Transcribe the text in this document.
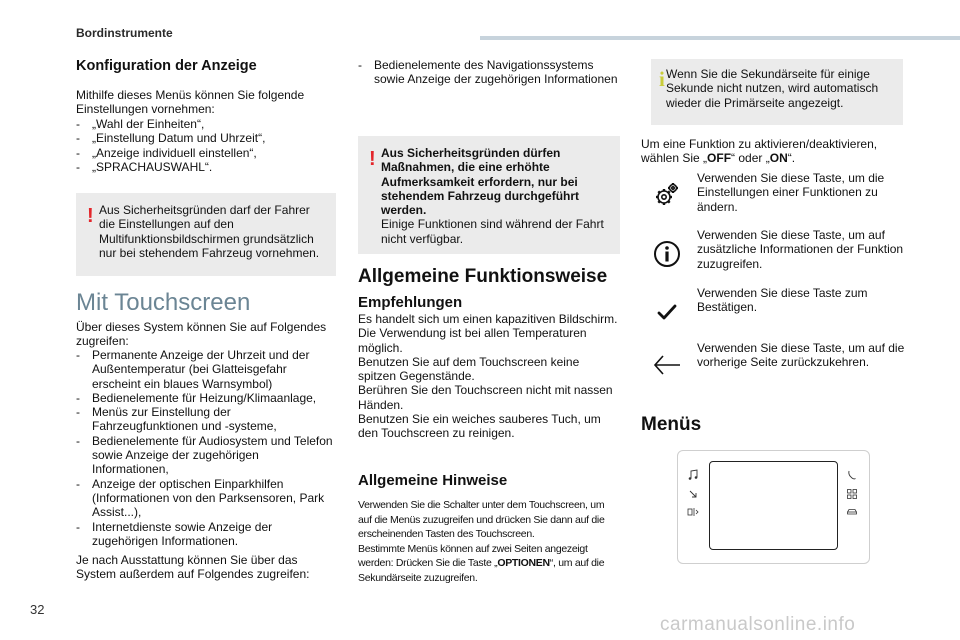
Bordinstrumente
Konfiguration der Anzeige

Mithilfe dieses Menüs können Sie folgende Einstellungen vornehmen:

- „Wahl der Einheiten“,
- „Einstellung Datum und Uhrzeit“,
- „Anzeige individuell einstellen“,
- „SPRACHAUSWAHL“.
! Aus Sicherheitsgründen darf der Fahrer die Einstellungen auf den Multifunktionsbildschirmen grundsätzlich nur bei stehendem Fahrzeug vornehmen.
Mit Touchscreen

Über dieses System können Sie auf Folgendes zugreifen:

- Permanente Anzeige der Uhrzeit und der Außentemperatur (bei Glatteisgefahr erscheint ein blaues Warnsymbol)
- Bedienelemente für Heizung/Klimaanlage,
- Menüs zur Einstellung der Fahrzeugfunktionen und -systeme,
- Bedienelemente für Audiosystem und Telefon sowie Anzeige der zugehörigen Informationen,
- Anzeige der optischen Einparkhilfen (Informationen von den Parksensoren, Park Assist...),
- Internetdienste sowie Anzeige der zugehörigen Informationen.

Je nach Ausstattung können Sie über das System außerdem auf Folgendes zugreifen:

- Bedienelemente des Navigationssystems sowie Anzeige der zugehörigen Informationen
! Aus Sicherheitsgründen dürfen Maßnahmen, die eine erhöhte Aufmerksamkeit erfordern, nur bei stehendem Fahrzeug durchgeführt werden.
Einige Funktionen sind während der Fahrt nicht verfügbar.
Allgemeine Funktionsweise
Empfehlungen
Es handelt sich um einen kapazitiven Bildschirm.
Die Verwendung ist bei allen Temperaturen möglich.
Benutzen Sie auf dem Touchscreen keine spitzen Gegenstände.
Berühren Sie den Touchscreen nicht mit nassen Händen.
Benutzen Sie ein weiches sauberes Tuch, um den Touchscreen zu reinigen.
Allgemeine Hinweise
Verwenden Sie die Schalter unter dem Touchscreen, um auf die Menüs zuzugreifen und drücken Sie dann auf die erscheinenden Tasten des Touchscreen.
Bestimmte Menüs können auf zwei Seiten angezeigt werden: Drücken Sie die Taste „OPTIONEN“, um auf die Sekundärseite zuzugreifen.
i Wenn Sie die Sekundärseite für einige Sekunde nicht nutzen, wird automatisch wieder die Primärseite angezeigt.

Um eine Funktion zu aktivieren/deaktivieren, wählen Sie „OFF“ oder „ON“.

Verwenden Sie diese Taste, um die Einstellungen einer Funktionen zu ändern.
Verwenden Sie diese Taste, um auf zusätzliche Informationen der Funktion zuzugreifen.
Verwenden Sie diese Taste zum Bestätigen.
Verwenden Sie diese Taste, um auf die vorherige Seite zurückzukehren.
Menüs
32
carmanualsonline.info
